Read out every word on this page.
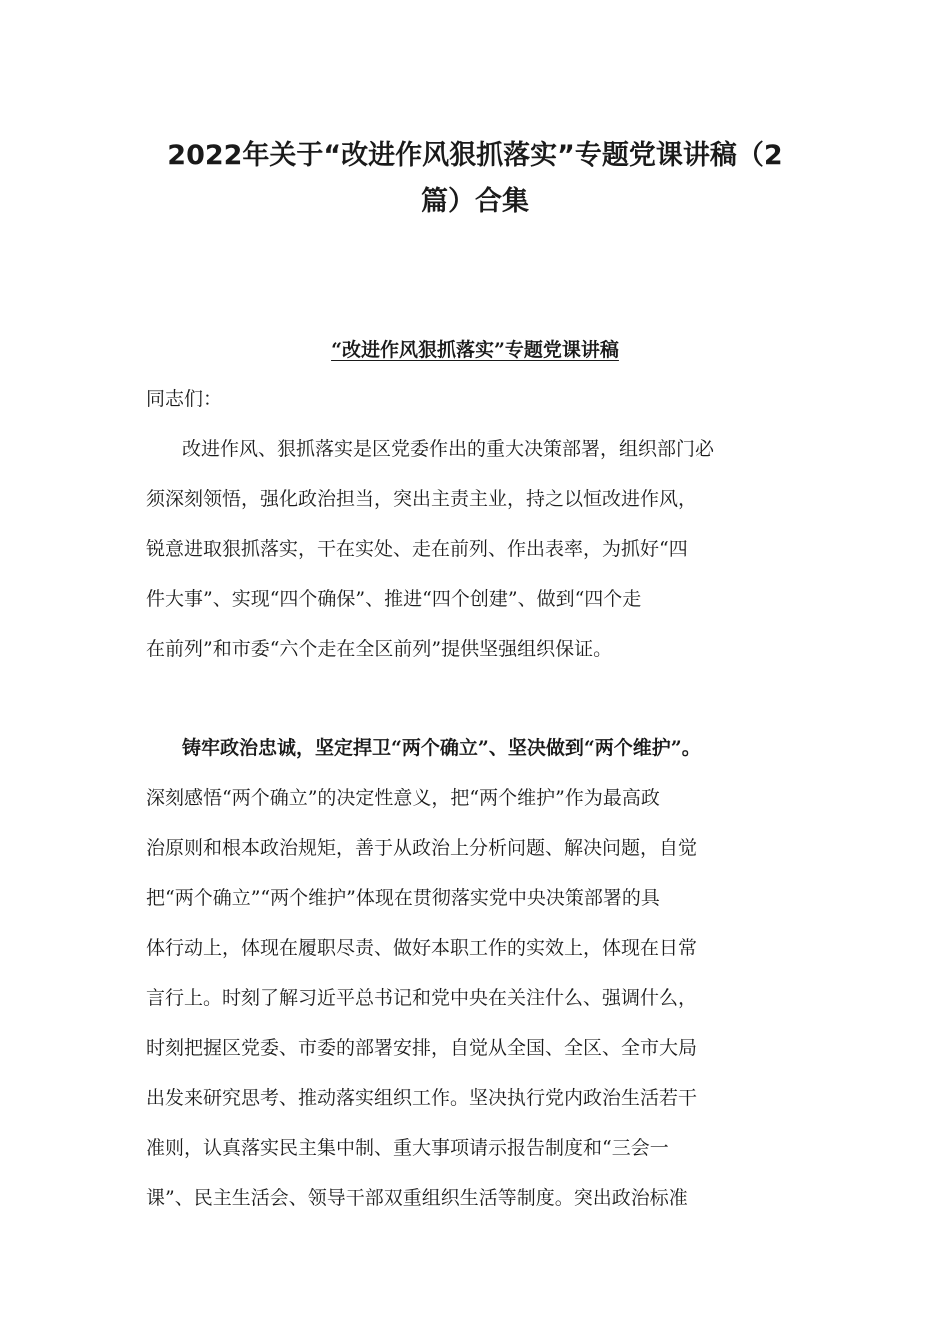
2022年关于“改进作风狠抓落实”专题党课讲稿（2
篇）合集
“改进作风狠抓落实”专题党课讲稿
同志们：
改进作风、狠抓落实是区党委作出的重大决策部署，组织部门必
须深刻领悟，强化政治担当，突出主责主业，持之以恒改进作风，
锐意进取狠抓落实，干在实处、走在前列、作出表率，为抓好“四
件大事”、实现“四个确保”、推进“四个创建”、做到“四个走
在前列”和市委“六个走在全区前列”提供坚强组织保证。
铸牢政治忠诚，坚定捍卫“两个确立”、坚决做到“两个维护”。
深刻感悟“两个确立”的决定性意义，把“两个维护”作为最高政
治原则和根本政治规矩，善于从政治上分析问题、解决问题，自觉
把“两个确立”“两个维护”体现在贯彻落实党中央决策部署的具
体行动上，体现在履职尽责、做好本职工作的实效上，体现在日常
言行上。时刻了解习近平总书记和党中央在关注什么、强调什么，
时刻把握区党委、市委的部署安排，自觉从全国、全区、全市大局
出发来研究思考、推动落实组织工作。坚决执行党内政治生活若干
准则，认真落实民主集中制、重大事项请示报告制度和“三会一
课”、民主生活会、领导干部双重组织生活等制度。突出政治标准
